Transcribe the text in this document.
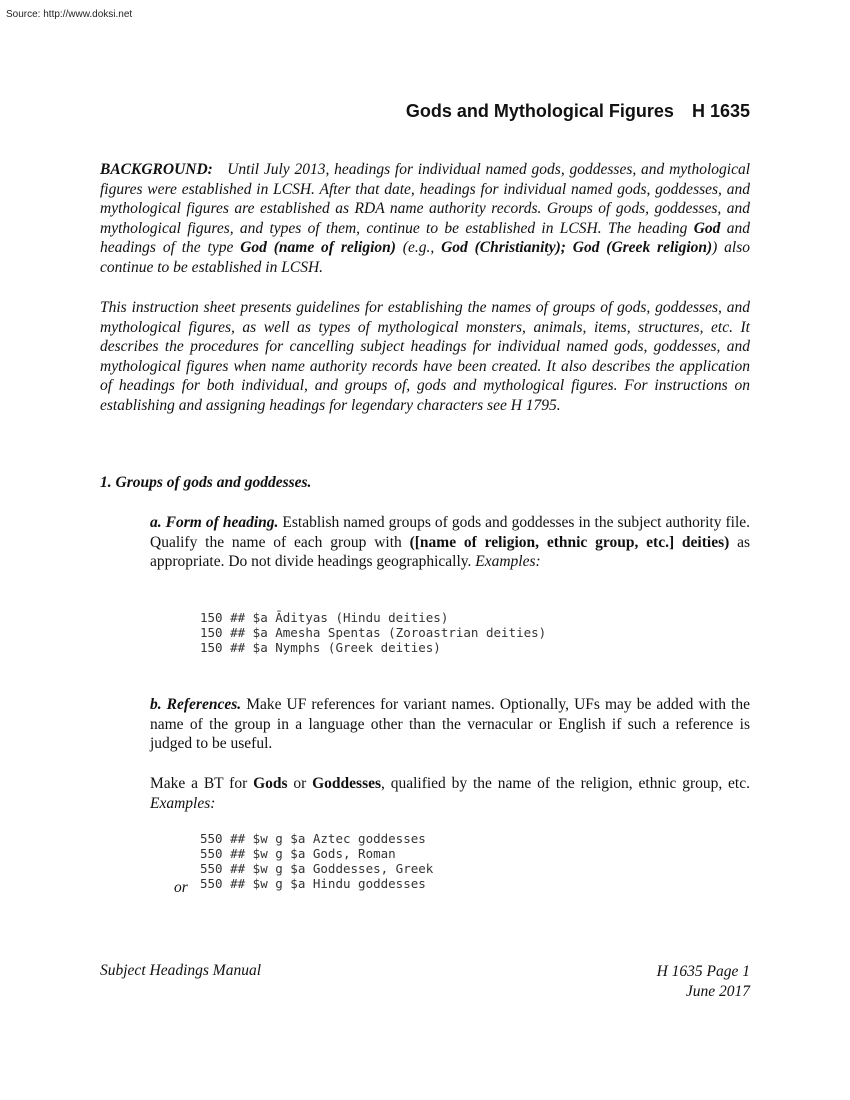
Source: http://www.doksi.net
Gods and Mythological Figures H 1635
BACKGROUND: Until July 2013, headings for individual named gods, goddesses, and mythological figures were established in LCSH. After that date, headings for individual named gods, goddesses, and mythological figures are established as RDA name authority records. Groups of gods, goddesses, and mythological figures, and types of them, continue to be established in LCSH. The heading God and headings of the type God (name of religion) (e.g., God (Christianity); God (Greek religion)) also continue to be established in LCSH.
This instruction sheet presents guidelines for establishing the names of groups of gods, goddesses, and mythological figures, as well as types of mythological monsters, animals, items, structures, etc. It describes the procedures for cancelling subject headings for individual named gods, goddesses, and mythological figures when name authority records have been created. It also describes the application of headings for both individual, and groups of, gods and mythological figures. For instructions on establishing and assigning headings for legendary characters see H 1795.
1. Groups of gods and goddesses.
a. Form of heading. Establish named groups of gods and goddesses in the subject authority file. Qualify the name of each group with ([name of religion, ethnic group, etc.] deities) as appropriate. Do not divide headings geographically. Examples:
150 ## $a Ādityas (Hindu deities)
150 ## $a Amesha Spentas (Zoroastrian deities)
150 ## $a Nymphs (Greek deities)
b. References. Make UF references for variant names. Optionally, UFs may be added with the name of the group in a language other than the vernacular or English if such a reference is judged to be useful.
Make a BT for Gods or Goddesses, qualified by the name of the religion, ethnic group, etc. Examples:
550 ## $w g $a Aztec goddesses
550 ## $w g $a Gods, Roman
550 ## $w g $a Goddesses, Greek
550 ## $w g $a Hindu goddesses
or
Subject Headings Manual	H 1635 Page 1
June 2017
